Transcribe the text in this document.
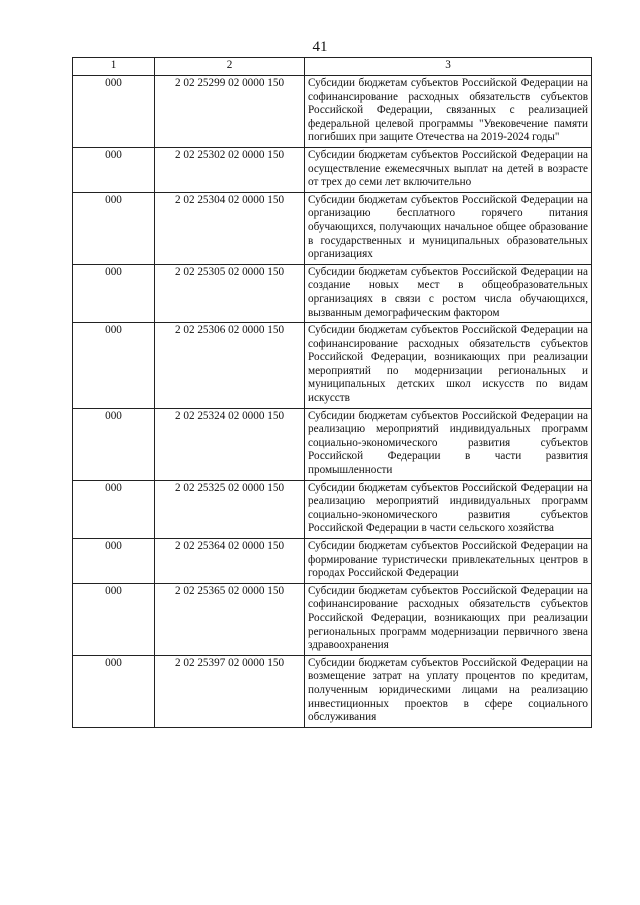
41
1	2	3
000	2 02 25299 02 0000 150	Субсидии бюджетам субъектов Российской Федерации на софинансирование расходных обязательств субъектов Российской Федерации, связанных с реализацией федеральной целевой программы "Увековечение памяти погибших при защите Отечества на 2019-2024 годы"
000	2 02 25302 02 0000 150	Субсидии бюджетам субъектов Российской Федерации на осуществление ежемесячных выплат на детей в возрасте от трех до семи лет включительно
000	2 02 25304 02 0000 150	Субсидии бюджетам субъектов Российской Федерации на организацию бесплатного горячего питания обучающихся, получающих начальное общее образование в государственных и муниципальных образовательных организациях
000	2 02 25305 02 0000 150	Субсидии бюджетам субъектов Российской Федерации на создание новых мест в общеобразовательных организациях в связи с ростом числа обучающихся, вызванным демографическим фактором
000	2 02 25306 02 0000 150	Субсидии бюджетам субъектов Российской Федерации на софинансирование расходных обязательств субъектов Российской Федерации, возникающих при реализации мероприятий по модернизации региональных и муниципальных детских школ искусств по видам искусств
000	2 02 25324 02 0000 150	Субсидии бюджетам субъектов Российской Федерации на реализацию мероприятий индивидуальных программ социально-экономического развития субъектов Российской Федерации в части развития промышленности
000	2 02 25325 02 0000 150	Субсидии бюджетам субъектов Российской Федерации на реализацию мероприятий индивидуальных программ социально-экономического развития субъектов Российской Федерации в части сельского хозяйства
000	2 02 25364 02 0000 150	Субсидии бюджетам субъектов Российской Федерации на формирование туристически привлекательных центров в городах Российской Федерации
000	2 02 25365 02 0000 150	Субсидии бюджетам субъектов Российской Федерации на софинансирование расходных обязательств субъектов Российской Федерации, возникающих при реализации региональных программ модернизации первичного звена здравоохранения
000	2 02 25397 02 0000 150	Субсидии бюджетам субъектов Российской Федерации на возмещение затрат на уплату процентов по кредитам, полученным юридическими лицами на реализацию инвестиционных проектов в сфере социального обслуживания
